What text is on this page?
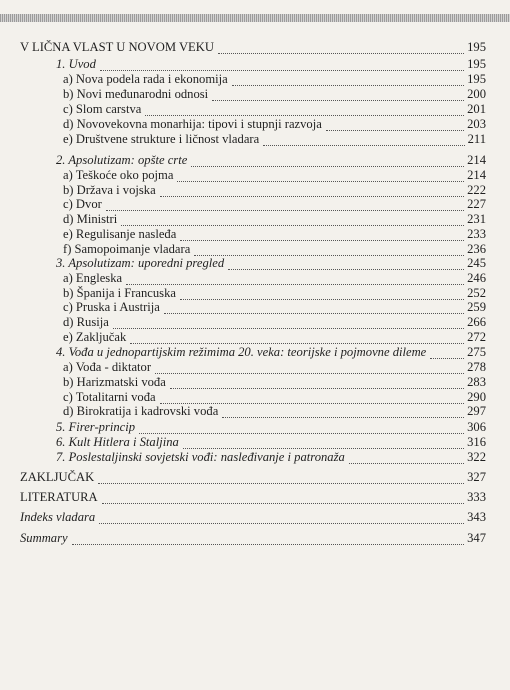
V LIČNA VLAST U NOVOM VEKU	195
1. Uvod	195
a) Nova podela rada i ekonomija	195
b) Novi međunarodni odnosi	200
c) Slom carstva	201
d) Novovekovna monarhija: tipovi i stupnji razvoja	203
e) Društvene strukture i ličnost vladara	211
2. Apsolutizam: opšte crte	214
a) Teškoće oko pojma	214
b) Država i vojska	222
c) Dvor	227
d) Ministri	231
e) Regulisanje nasleđa	233
f) Samopoimanje vladara	236
3. Apsolutizam: uporedni pregled	245
a) Engleska	246
b) Španija i Francuska	252
c) Pruska i Austrija	259
d) Rusija	266
e) Zaključak	272
4. Vođa u jednopartijskim režimima 20. veka: teorijske i pojmovne dileme	275
a) Vođa - diktator	278
b) Harizmatski vođa	283
c) Totalitarni vođa	290
d) Birokratija i kadrovski vođa	297
5. Firer-princip	306
6. Kult Hitlera i Staljina	316
7. Poslestaljinski sovjetski vođi: nasleđivanje i patronaža	322
ZAKLJUČAK	327
LITERATURA	333
Indeks vladara	343
Summary	347
